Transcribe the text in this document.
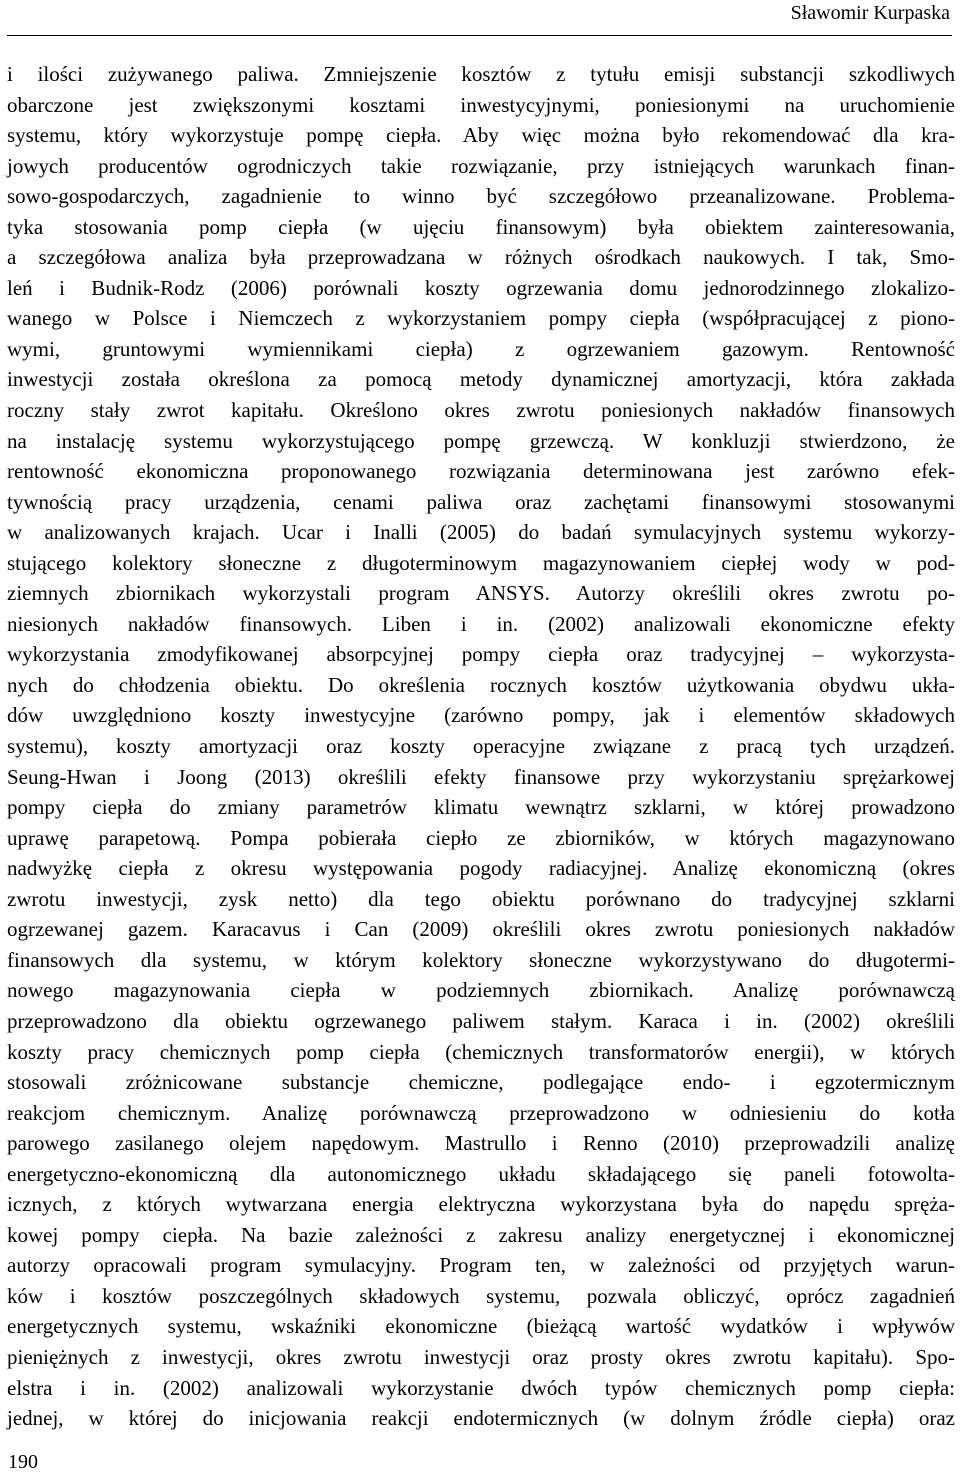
Sławomir Kurpaska
i ilości zużywanego paliwa. Zmniejszenie kosztów z tytułu emisji substancji szkodliwych
obarczone jest zwiększonymi kosztami inwestycyjnymi, poniesionymi na uruchomienie
systemu, który wykorzystuje pompę ciepła. Aby więc można było rekomendować dla kra-
jowych producentów ogrodniczych takie rozwiązanie, przy istniejących warunkach finan-
sowo-gospodarczych, zagadnienie to winno być szczegółowo przeanalizowane. Problema-
tyka stosowania pomp ciepła (w ujęciu finansowym) była obiektem zainteresowania,
a szczegółowa analiza była przeprowadzana w różnych ośrodkach naukowych. I tak, Smo-
leń i Budnik-Rodz (2006) porównali koszty ogrzewania domu jednorodzinnego zlokalizo-
wanego w Polsce i Niemczech z wykorzystaniem pompy ciepła (współpracującej z piono-
wymi, gruntowymi wymiennikami ciepła) z ogrzewaniem gazowym. Rentowność
inwestycji została określona za pomocą metody dynamicznej amortyzacji, która zakłada
roczny stały zwrot kapitału. Określono okres zwrotu poniesionych nakładów finansowych
na instalację systemu wykorzystującego pompę grzewczą. W konkluzji stwierdzono, że
rentowność ekonomiczna proponowanego rozwiązania determinowana jest zarówno efek-
tywnością pracy urządzenia, cenami paliwa oraz zachętami finansowymi stosowanymi
w analizowanych krajach. Ucar i Inalli (2005) do badań symulacyjnych systemu wykorzy-
stującego kolektory słoneczne z długoterminowym magazynowaniem ciepłej wody w pod-
ziemnych zbiornikach wykorzystali program ANSYS. Autorzy określili okres zwrotu po-
niesionych nakładów finansowych. Liben i in. (2002) analizowali ekonomiczne efekty
wykorzystania zmodyfikowanej absorpcyjnej pompy ciepła oraz tradycyjnej – wykorzysta-
nych do chłodzenia obiektu. Do określenia rocznych kosztów użytkowania obydwu ukła-
dów uwzględniono koszty inwestycyjne (zarówno pompy, jak i elementów składowych
systemu), koszty amortyzacji oraz koszty operacyjne związane z pracą tych urządzeń.
Seung-Hwan i Joong (2013) określili efekty finansowe przy wykorzystaniu sprężarkowej
pompy ciepła do zmiany parametrów klimatu wewnątrz szklarni, w której prowadzono
uprawę parapetową. Pompa pobierała ciepło ze zbiorników, w których magazynowano
nadwyżkę ciepła z okresu występowania pogody radiacyjnej. Analizę ekonomiczną (okres
zwrotu inwestycji, zysk netto) dla tego obiektu porównano do tradycyjnej szklarni
ogrzewanej gazem. Karacavus i Can (2009) określili okres zwrotu poniesionych nakładów
finansowych dla systemu, w którym kolektory słoneczne wykorzystywano do długotermi-
nowego magazynowania ciepła w podziemnych zbiornikach. Analizę porównawczą
przeprowadzono dla obiektu ogrzewanego paliwem stałym. Karaca i in. (2002) określili
koszty pracy chemicznych pomp ciepła (chemicznych transformatorów energii), w których
stosowali zróżnicowane substancje chemiczne, podlegające endo- i egzotermicznym
reakcjom chemicznym. Analizę porównawczą przeprowadzono w odniesieniu do kotła
parowego zasilanego olejem napędowym. Mastrullo i Renno (2010) przeprowadzili analizę
energetyczno-ekonomiczną dla autonomicznego układu składającego się paneli fotowolta-
icznych, z których wytwarzana energia elektryczna wykorzystana była do napędu spręża-
kowej pompy ciepła. Na bazie zależności z zakresu analizy energetycznej i ekonomicznej
autorzy opracowali program symulacyjny. Program ten, w zależności od przyjętych warun-
ków i kosztów poszczególnych składowych systemu, pozwala obliczyć, oprócz zagadnień
energetycznych systemu, wskaźniki ekonomiczne (bieżącą wartość wydatków i wpływów
pieniężnych z inwestycji, okres zwrotu inwestycji oraz prosty okres zwrotu kapitału). Spo-
elstra i in. (2002) analizowali wykorzystanie dwóch typów chemicznych pomp ciepła:
jednej, w której do inicjowania reakcji endotermicznych (w dolnym źródle ciepła) oraz
190
